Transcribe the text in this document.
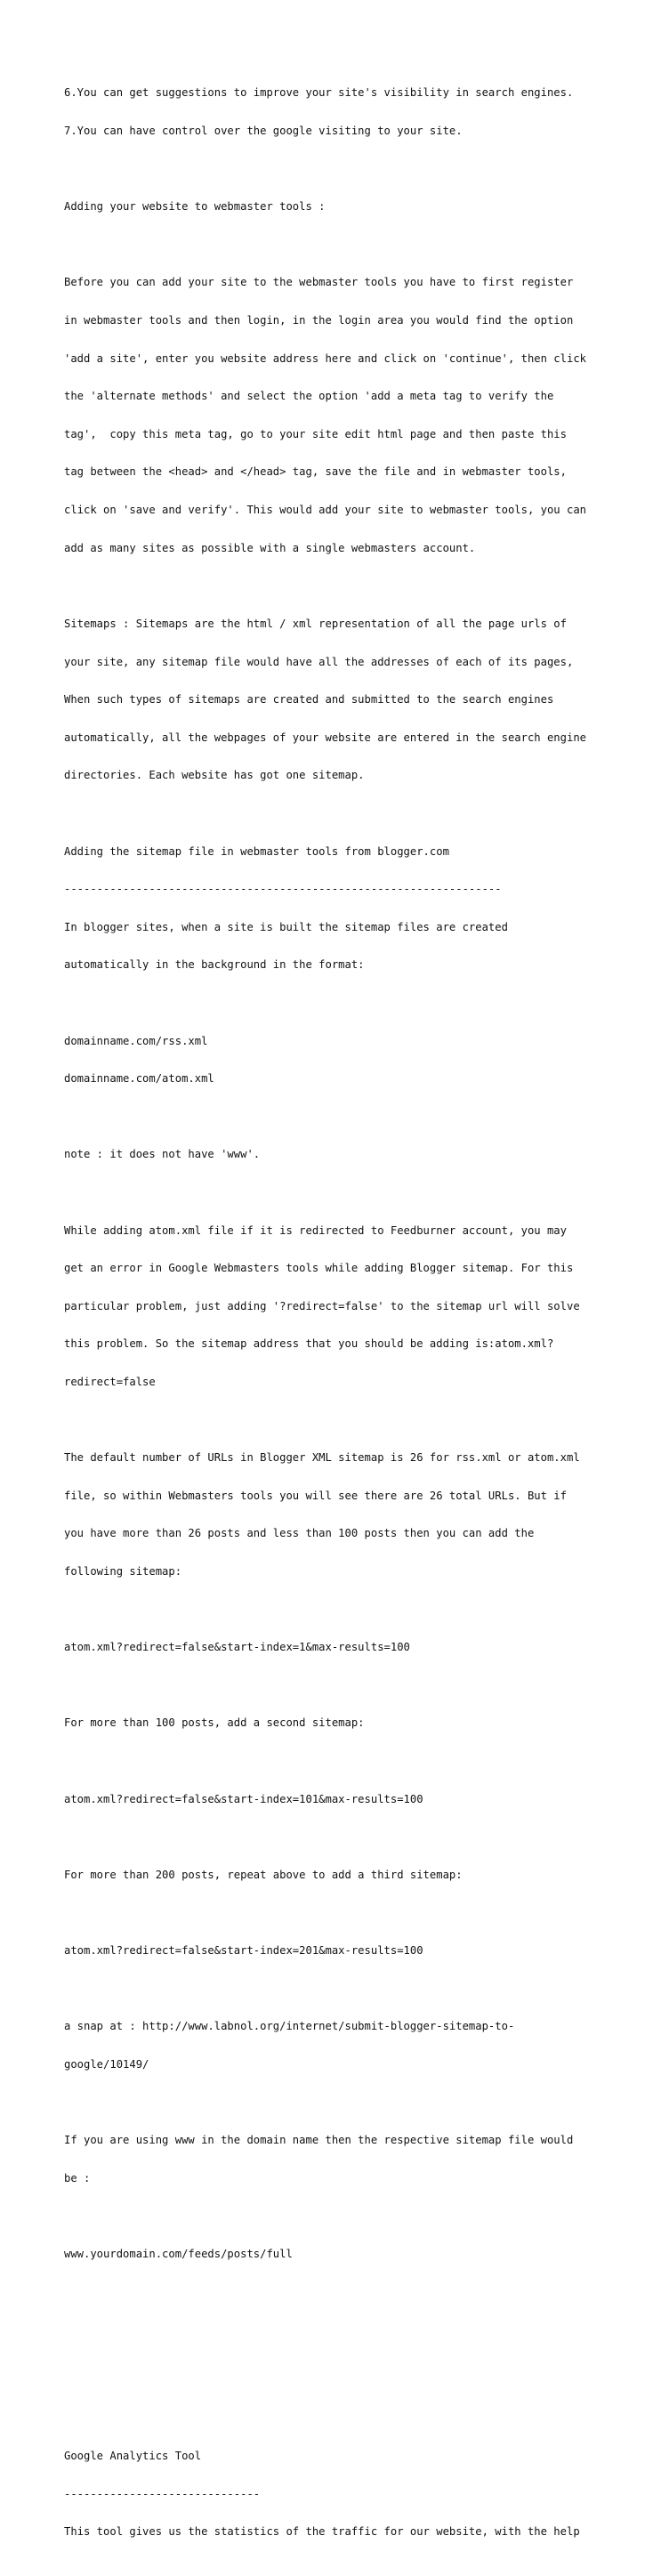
6.You can get suggestions to improve your site's visibility in search engines.

7.You can have control over the google visiting to your site.

Adding your website to webmaster tools :

Before you can add your site to the webmaster tools you have to first register

in webmaster tools and then login, in the login area you would find the option

'add a site', enter you website address here and click on 'continue', then click

the 'alternate methods' and select the option 'add a meta tag to verify the

tag',  copy this meta tag, go to your site edit html page and then paste this

tag between the <head> and </head> tag, save the file and in webmaster tools,

click on 'save and verify'. This would add your site to webmaster tools, you can

add as many sites as possible with a single webmasters account.

Sitemaps : Sitemaps are the html / xml representation of all the page urls of

your site, any sitemap file would have all the addresses of each of its pages,

When such types of sitemaps are created and submitted to the search engines

automatically, all the webpages of your website are entered in the search engine

directories. Each website has got one sitemap.

Adding the sitemap file in webmaster tools from blogger.com

-------------------------------------------------------------------

In blogger sites, when a site is built the sitemap files are created

automatically in the background in the format:

domainname.com/rss.xml

domainname.com/atom.xml

note : it does not have 'www'.

While adding atom.xml file if it is redirected to Feedburner account, you may

get an error in Google Webmasters tools while adding Blogger sitemap. For this

particular problem, just adding '?redirect=false' to the sitemap url will solve

this problem. So the sitemap address that you should be adding is:atom.xml?

redirect=false

The default number of URLs in Blogger XML sitemap is 26 for rss.xml or atom.xml

file, so within Webmasters tools you will see there are 26 total URLs. But if

you have more than 26 posts and less than 100 posts then you can add the

following sitemap:

atom.xml?redirect=false&start-index=1&max-results=100

For more than 100 posts, add a second sitemap:

atom.xml?redirect=false&start-index=101&max-results=100

For more than 200 posts, repeat above to add a third sitemap:

atom.xml?redirect=false&start-index=201&max-results=100

a snap at : http://www.labnol.org/internet/submit-blogger-sitemap-to-

google/10149/

If you are using www in the domain name then the respective sitemap file would

be :

www.yourdomain.com/feeds/posts/full

Google Analytics Tool

------------------------------

This tool gives us the statistics of the traffic for our website, with the help
